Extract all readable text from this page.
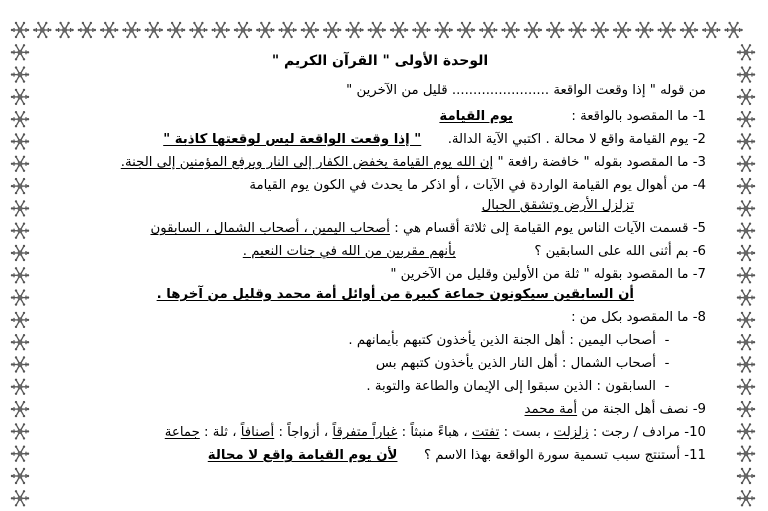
الوحدة الأولى " القرآن الكريم "
من قوله " إذا وقعت الواقعة ....................... قليل من الآخرين "
1- ما المقصود بالواقعة :  يوم القيامة
2- يوم القيامة واقع لا محالة . اكتبي الآية الدالة.  " إذا وقعت الواقعة ليس لوقعتها كاذبة "
3- ما المقصود بقوله " خافضة رافعة " إن الله يوم القيامة يخفض الكفار إلى النار ويرفع المؤمنين إلى الجنة.
4- من أهوال يوم القيامة الواردة في الآيات ، أو اذكر ما يحدث في الكون يوم القيامة
تزلزل الأرض وتشقق الجبال
5- قسمت الآيات الناس يوم القيامة إلى ثلاثة أقسام هي : أصحاب اليمين ، أصحاب الشمال ، السابقون
6- بم أثنى الله على السابقين ؟  بأنهم مقربين من الله في جنات النعيم .
7- ما المقصود بقوله " ثلة من الأولين وقليل من الآخرين "
أن السابقين سيكونون جماعة كبيرة من أوائل أمة محمد وقليل من آخرها .
8- ما المقصود بكل من :
-أصحاب اليمين : أهل الجنة الذين يأخذون كتبهم بأيمانهم .
-أصحاب الشمال : أهل النار الذين يأخذون كتبهم بس
-السابقون : الذين سبقوا إلى الإيمان والطاعة والتوبة .
9- نصف أهل الجنة من أمة محمد
10- مرادف / رجت : زلزلت ، بست : تفتت ، هباءً منبثاً : غباراً متفرقاً ، أزواجاً : أصنافاً ، ثلة : جماعة
11- أستنتج سبب تسمية سورة الواقعة بهذا الاسم ؟  لأن يوم القيامة واقع لا محالة
